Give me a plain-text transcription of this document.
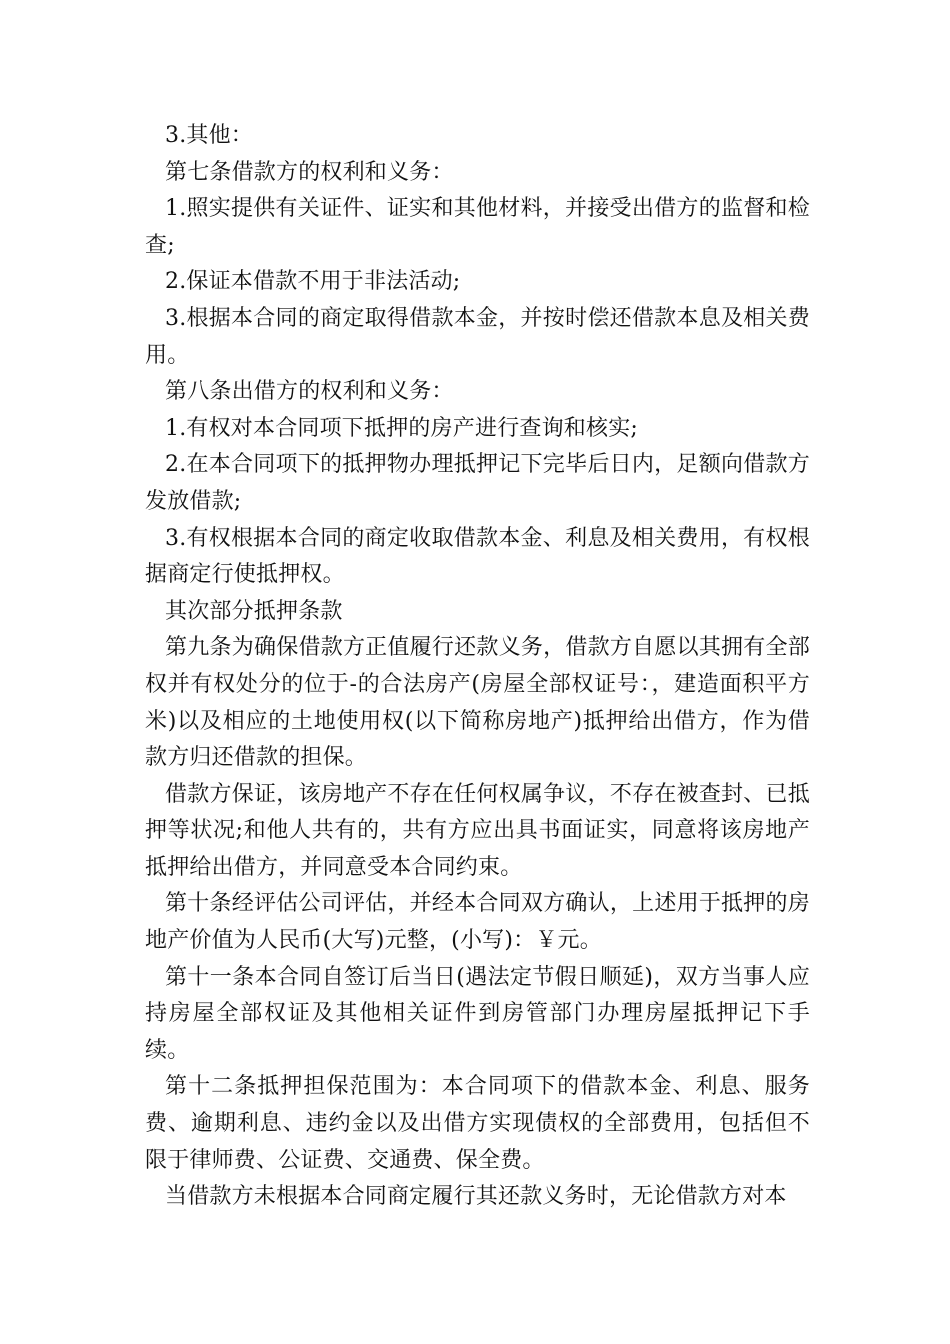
3.其他：

第七条借款方的权利和义务：

1.照实提供有关证件、证实和其他材料，并接受出借方的监督和检查;

2.保证本借款不用于非法活动;

3.根据本合同的商定取得借款本金，并按时偿还借款本息及相关费用。

第八条出借方的权利和义务：

1.有权对本合同项下抵押的房产进行查询和核实;

2.在本合同项下的抵押物办理抵押记下完毕后日内，足额向借款方发放借款;

3.有权根据本合同的商定收取借款本金、利息及相关费用，有权根据商定行使抵押权。

其次部分抵押条款

第九条为确保借款方正值履行还款义务，借款方自愿以其拥有全部权并有权处分的位于-的合法房产(房屋全部权证号：，建造面积平方米)以及相应的土地使用权(以下简称房地产)抵押给出借方，作为借款方归还借款的担保。

借款方保证，该房地产不存在任何权属争议，不存在被查封、已抵押等状况;和他人共有的，共有方应出具书面证实，同意将该房地产抵押给出借方，并同意受本合同约束。

第十条经评估公司评估，并经本合同双方确认，上述用于抵押的房地产价值为人民币(大写)元整，(小写)：￥元。

第十一条本合同自签订后当日(遇法定节假日顺延)，双方当事人应持房屋全部权证及其他相关证件到房管部门办理房屋抵押记下手续。

第十二条抵押担保范围为：本合同项下的借款本金、利息、服务费、逾期利息、违约金以及出借方实现债权的全部费用，包括但不限于律师费、公证费、交通费、保全费。

当借款方未根据本合同商定履行其还款义务时，无论借款方对本
